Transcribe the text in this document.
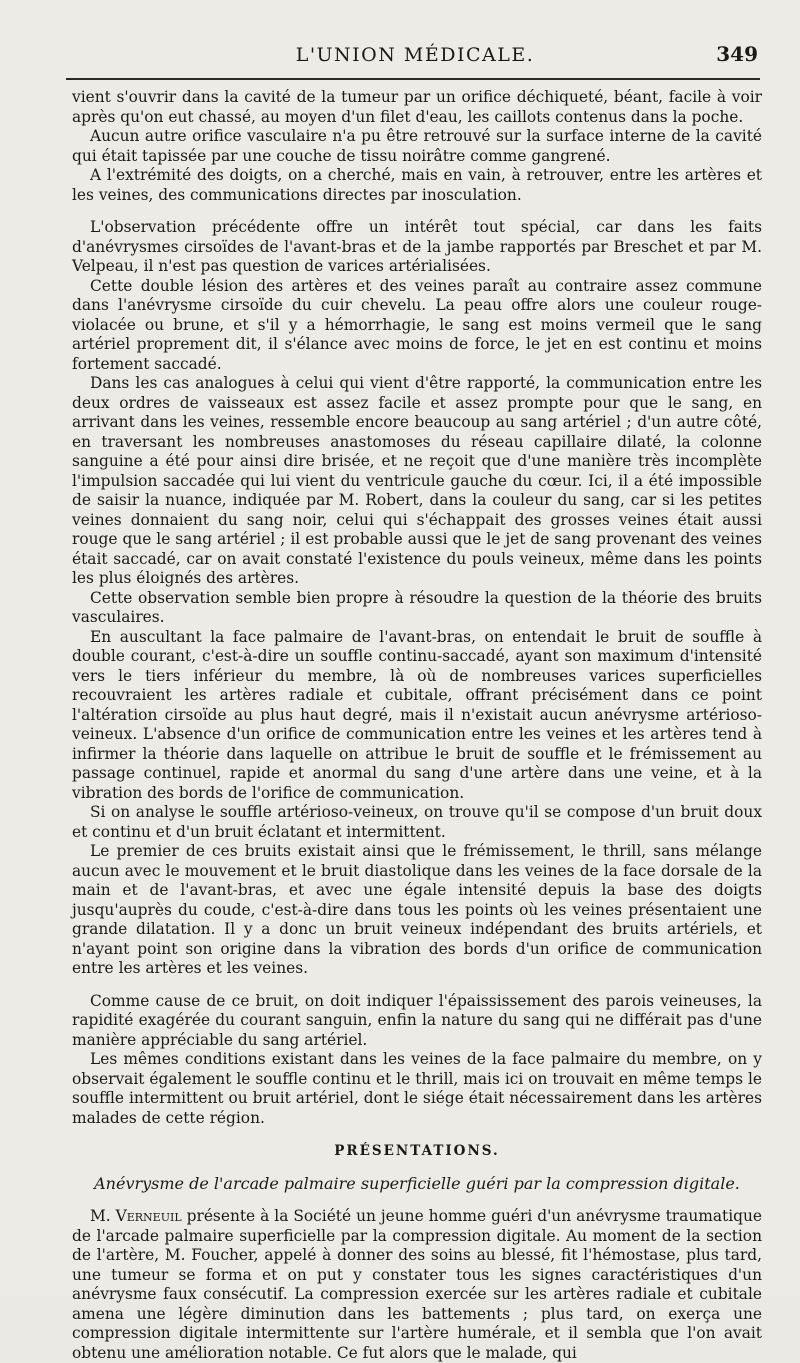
L'UNION MÉDICALE.	349

vient s'ouvrir dans la cavité de la tumeur par un orifice déchiqueté, béant, facile à voir après qu'on eut chassé, au moyen d'un filet d'eau, les caillots contenus dans la poche.

Aucun autre orifice vasculaire n'a pu être retrouvé sur la surface interne de la cavité qui était tapissée par une couche de tissu noirâtre comme gangrené.

A l'extrémité des doigts, on a cherché, mais en vain, à retrouver, entre les artères et les veines, des communications directes par inosculation.

L'observation précédente offre un intérêt tout spécial, car dans les faits d'anévrysmes cirsoïdes de l'avant-bras et de la jambe rapportés par Breschet et par M. Velpeau, il n'est pas question de varices artérialisées.

Cette double lésion des artères et des veines paraît au contraire assez commune dans l'anévrysme cirsoïde du cuir chevelu. La peau offre alors une couleur rouge-violacée ou brune, et s'il y a hémorrhagie, le sang est moins vermeil que le sang artériel proprement dit, il s'élance avec moins de force, le jet en est continu et moins fortement saccadé.

Dans les cas analogues à celui qui vient d'être rapporté, la communication entre les deux ordres de vaisseaux est assez facile et assez prompte pour que le sang, en arrivant dans les veines, ressemble encore beaucoup au sang artériel ; d'un autre côté, en traversant les nombreuses anastomoses du réseau capillaire dilaté, la colonne sanguine a été pour ainsi dire brisée, et ne reçoit que d'une manière très incomplète l'impulsion saccadée qui lui vient du ventricule gauche du cœur. Ici, il a été impossible de saisir la nuance, indiquée par M. Robert, dans la couleur du sang, car si les petites veines donnaient du sang noir, celui qui s'échappait des grosses veines était aussi rouge que le sang artériel ; il est probable aussi que le jet de sang provenant des veines était saccadé, car on avait constaté l'existence du pouls veineux, même dans les points les plus éloignés des artères.

Cette observation semble bien propre à résoudre la question de la théorie des bruits vasculaires.

En auscultant la face palmaire de l'avant-bras, on entendait le bruit de souffle à double courant, c'est-à-dire un souffle continu-saccadé, ayant son maximum d'intensité vers le tiers inférieur du membre, là où de nombreuses varices superficielles recouvraient les artères radiale et cubitale, offrant précisément dans ce point l'altération cirsoïde au plus haut degré, mais il n'existait aucun anévrysme artérioso-veineux. L'absence d'un orifice de communication entre les veines et les artères tend à infirmer la théorie dans laquelle on attribue le bruit de souffle et le frémissement au passage continuel, rapide et anormal du sang d'une artère dans une veine, et à la vibration des bords de l'orifice de communication.

Si on analyse le souffle artérioso-veineux, on trouve qu'il se compose d'un bruit doux et continu et d'un bruit éclatant et intermittent.

Le premier de ces bruits existait ainsi que le frémissement, le thrill, sans mélange aucun avec le mouvement et le bruit diastolique dans les veines de la face dorsale de la main et de l'avant-bras, et avec une égale intensité depuis la base des doigts jusqu'auprès du coude, c'est-à-dire dans tous les points où les veines présentaient une grande dilatation. Il y a donc un bruit veineux indépendant des bruits artériels, et n'ayant point son origine dans la vibration des bords d'un orifice de communication entre les artères et les veines.

Comme cause de ce bruit, on doit indiquer l'épaississement des parois veineuses, la rapidité exagérée du courant sanguin, enfin la nature du sang qui ne différait pas d'une manière appréciable du sang artériel.

Les mêmes conditions existant dans les veines de la face palmaire du membre, on y observait également le souffle continu et le thrill, mais ici on trouvait en même temps le souffle intermittent ou bruit artériel, dont le siége était nécessairement dans les artères malades de cette région.

PRÉSENTATIONS.
Anévrysme de l'arcade palmaire superficielle guéri par la compression digitale.

M. Verneuil présente à la Société un jeune homme guéri d'un anévrysme traumatique de l'arcade palmaire superficielle par la compression digitale. Au moment de la section de l'artère, M. Foucher, appelé à donner des soins au blessé, fit l'hémostase, plus tard, une tumeur se forma et on put y constater tous les signes caractéristiques d'un anévrysme faux consécutif. La compression exercée sur les artères radiale et cubitale amena une légère diminution dans les battements ; plus tard, on exerça une compression digitale intermittente sur l'artère humérale, et il sembla que l'on avait obtenu une amélioration notable. Ce fut alors que le malade, qui
